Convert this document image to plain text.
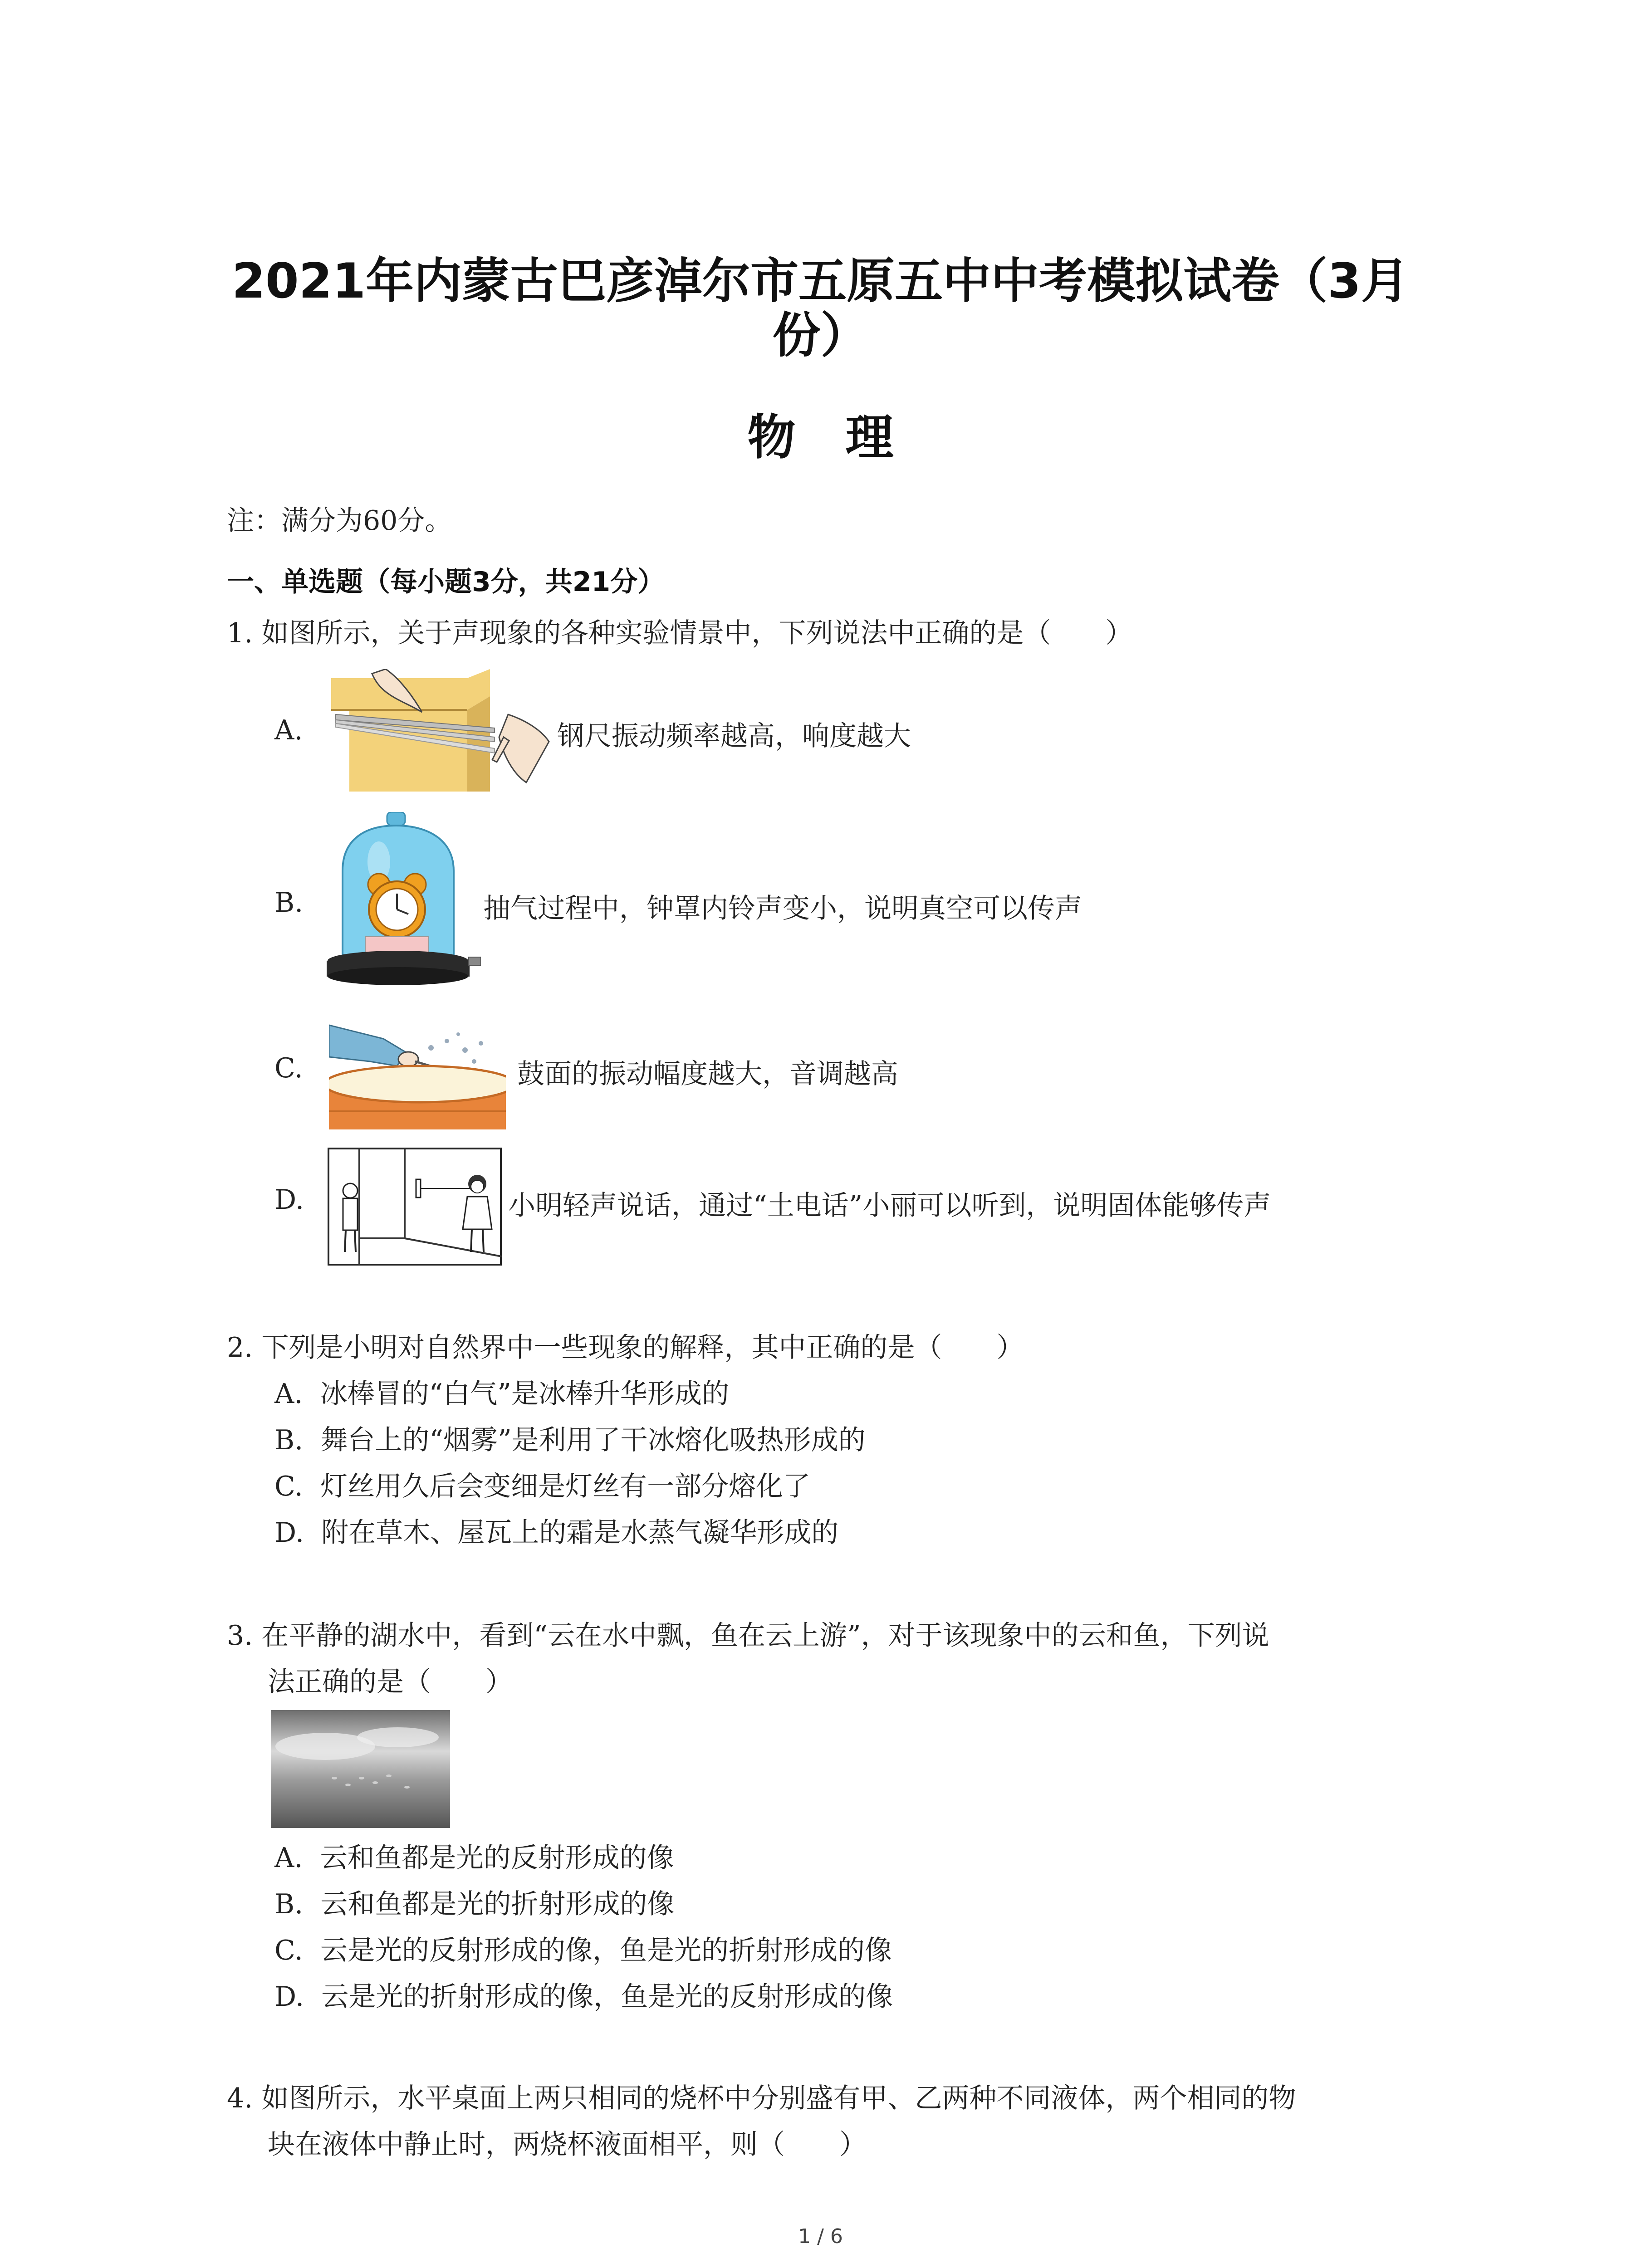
2021年内蒙古巴彦淖尔市五原五中中考模拟试卷（3月
份）
物理
注：满分为60分。
一、单选题（每小题3分，共21分）
1. 如图所示，关于声现象的各种实验情景中，下列说法中正确的是（　　）
A.	钢尺振动频率越高，响度越大
B.	抽气过程中，钟罩内铃声变小，说明真空可以传声
C.	鼓面的振动幅度越大，音调越高
D.	小明轻声说话，通过“土电话”小丽可以听到，说明固体能够传声
2. 下列是小明对自然界中一些现象的解释，其中正确的是（　　）
A. 冰棒冒的“白气”是冰棒升华形成的
B. 舞台上的“烟雾”是利用了干冰熔化吸热形成的
C. 灯丝用久后会变细是灯丝有一部分熔化了
D. 附在草木、屋瓦上的霜是水蒸气凝华形成的
3. 在平静的湖水中，看到“云在水中飘，鱼在云上游”，对于该现象中的云和鱼，下列说
法正确的是（　　）
A. 云和鱼都是光的反射形成的像
B. 云和鱼都是光的折射形成的像
C. 云是光的反射形成的像，鱼是光的折射形成的像
D. 云是光的折射形成的像，鱼是光的反射形成的像
4. 如图所示，水平桌面上两只相同的烧杯中分别盛有甲、乙两种不同液体，两个相同的物
块在液体中静止时，两烧杯液面相平，则（　　）
1 / 6
